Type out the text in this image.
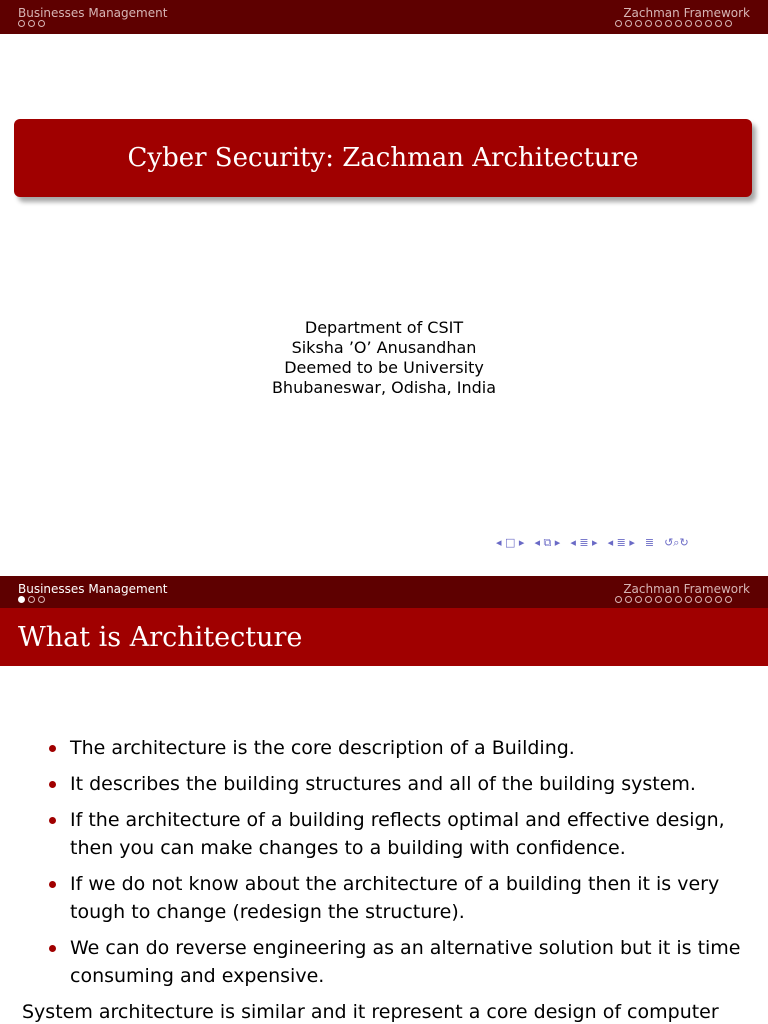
Businesses Management	Zachman Framework
Cyber Security: Zachman Architecture
Department of CSIT
Siksha ’O’ Anusandhan
Deemed to be University
Bhubaneswar, Odisha, India
◂ □ ▸ ◂ ⧉ ▸ ◂ ≣ ▸ ◂ ≣ ▸ ≣ ↺⌕↻
Businesses Management	Zachman Framework
What is Architecture
The architecture is the core description of a Building.
It describes the building structures and all of the building system.
If the architecture of a building reflects optimal and effective design, then you can make changes to a building with confidence.
If we do not know about the architecture of a building then it is very tough to change (redesign the structure).
We can do reverse engineering as an alternative solution but it is time consuming and expensive.
System architecture is similar and it represent a core design of computer
